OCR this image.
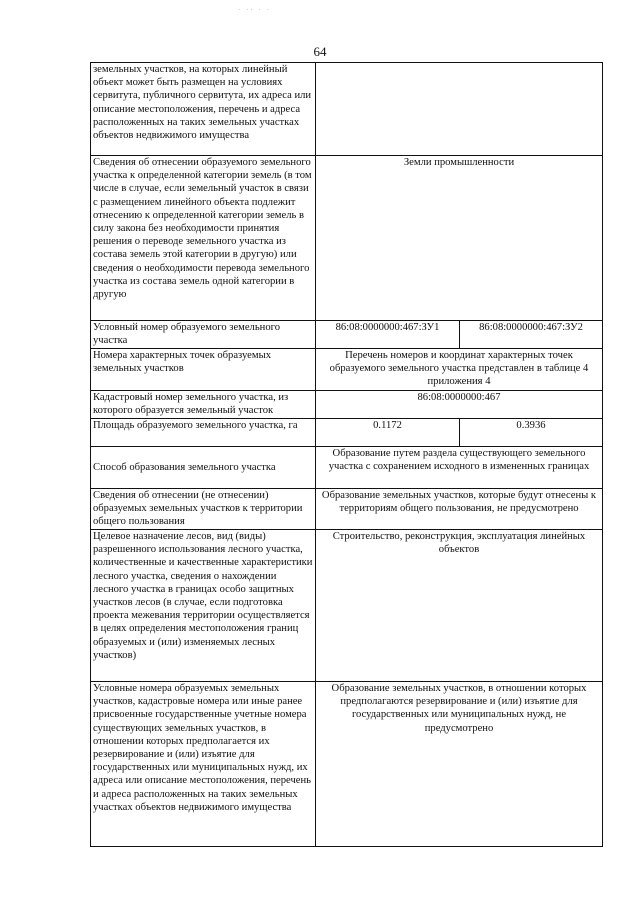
· ·· · ·
64
земельных участков, на которых линейный объект может быть размещен на условиях сервитута, публичного сервитута, их адреса или описание местоположения, перечень и адреса расположенных на таких земельных участках объектов недвижимого имущества		
Сведения об отнесении образуемого земельного участка к определенной категории земель (в том числе в случае, если земельный участок в связи с размещением линейного объекта подлежит отнесению к определенной категории земель в силу закона без необходимости принятия решения о переводе земельного участка из состава земель этой категории в другую) или сведения о необходимости перевода земельного участка из состава земель одной категории в другую	Земли промышленности	
Условный номер образуемого земельного участка	86:08:0000000:467:ЗУ1	86:08:0000000:467:ЗУ2
Номера характерных точек образуемых земельных участков	Перечень номеров и координат характерных точек образуемого земельного участка представлен в таблице 4 приложения 4	
Кадастровый номер земельного участка, из которого образуется земельный участок	86:08:0000000:467	
Площадь образуемого земельного участка, га	0.1172	0.3936
Способ образования земельного участка	Образование путем раздела существующего земельного участка с сохранением исходного в измененных границах	
Сведения об отнесении (не отнесении) образуемых земельных участков к территории общего пользования	Образование земельных участков, которые будут отнесены к территориям общего пользования, не предусмотрено	
Целевое назначение лесов, вид (виды) разрешенного использования лесного участка, количественные и качественные характеристики лесного участка, сведения о нахождении лесного участка в границах особо защитных участков лесов (в случае, если подготовка проекта межевания территории осуществляется в целях определения местоположения границ образуемых и (или) изменяемых лесных участков)	Строительство, реконструкция, эксплуатация линейных объектов	
Условные номера образуемых земельных участков, кадастровые номера или иные ранее присвоенные государственные учетные номера существующих земельных участков, в отношении которых предполагается их резервирование и (или) изъятие для государственных или муниципальных нужд, их адреса или описание местоположения, перечень и адреса расположенных на таких земельных участках объектов недвижимого имущества	Образование земельных участков, в отношении которых предполагаются резервирование и (или) изъятие для государственных или муниципальных нужд, не предусмотрено	
